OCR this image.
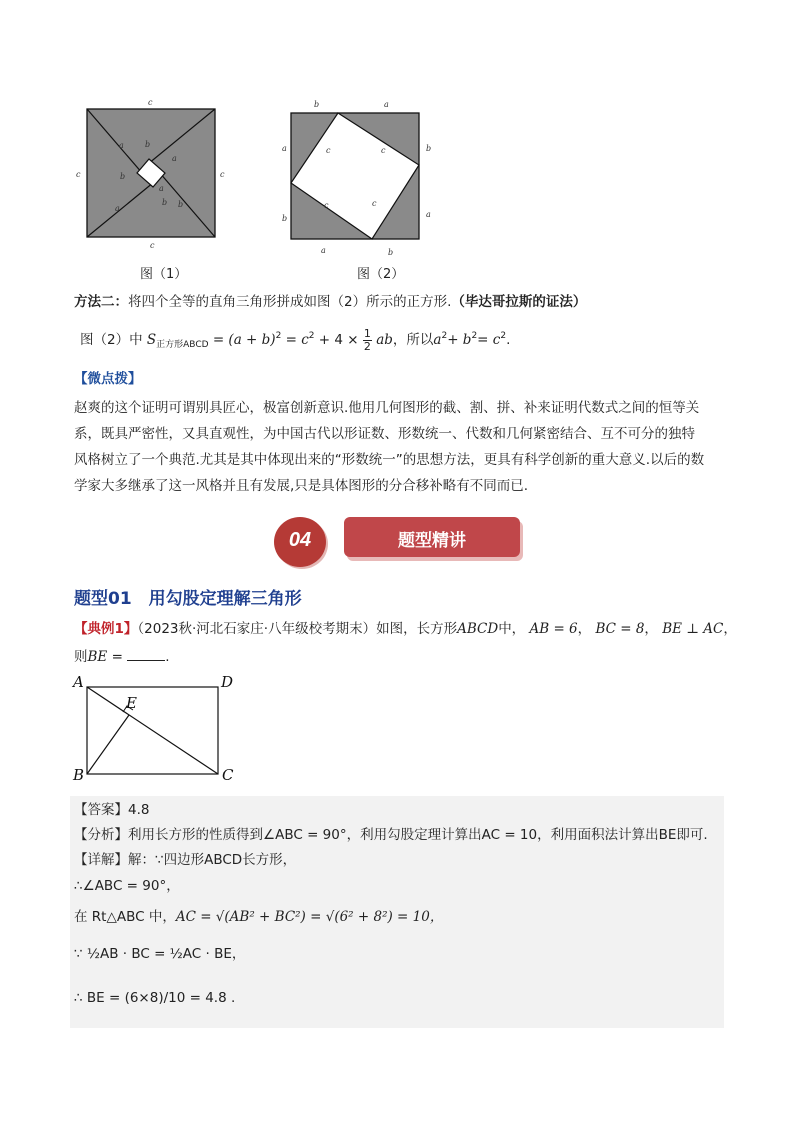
c
c	c
c
a	b
a
b
a
a
b b
图（1）
b	a
a
b
b
a
a	b
c	c
c	c
图（2）
方法二：将四个全等的直角三角形拼成如图（2）所示的正方形.（毕达哥拉斯的证法）
图（2）中 $S_{正方形ABCD} = (a + b)^2 = c^2 + 4 \times \frac{1}{2}$ ab，所以$a^2+ b^2= c^2$.
【微点拨】
赵爽的这个证明可谓别具匠心，极富创新意识.他用几何图形的截、割、拼、补来证明代数式之间的恒等关
系，既具严密性，又具直观性，为中国古代以形证数、形数统一、代数和几何紧密结合、互不可分的独特
风格树立了一个典范.尤其是其中体现出来的“形数统一”的思想方法，更具有科学创新的重大意义.以后的数
学家大多继承了这一风格并且有发展,只是具体图形的分合移补略有不同而已.
04	题型精讲
题型01　用勾股定理解三角形
【典例1】（2023秋·河北石家庄·八年级校考期末）如图，长方形ABCD中， AB = 6， BC = 8， BE ⊥ AC，
则BE =	.
A	D
E
B	C
【答案】4.8
【分析】利用长方形的性质得到∠ABC = 90°，利用勾股定理计算出AC = 10，利用面积法计算出BE即可.
【详解】解：∵四边形ABCD长方形，
∴∠ABC = 90°，
在 Rt△ABC 中，AC = √(AB² + BC²) = √(6² + 8²) = 10，
∵ ½AB · BC = ½AC · BE，
∴ BE = (6×8)/10 = 4.8 .
